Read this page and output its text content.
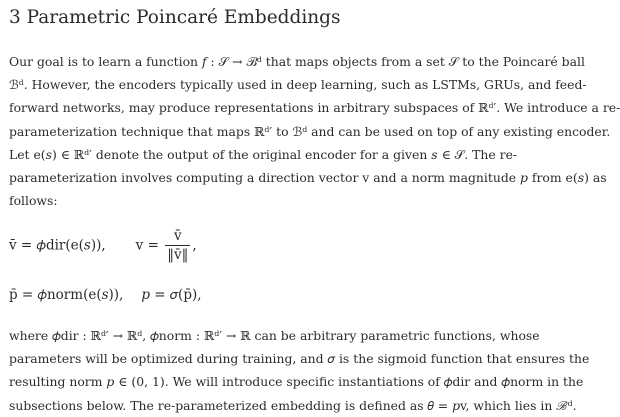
3 Parametric Poincaré Embeddings
Our goal is to learn a function 𝑓 : 𝒮 → ℬᵈ that maps objects from a set 𝒮 to the Poincaré ball
ℬᵈ. However, the encoders typically used in deep learning, such as LSTMs, GRUs, and feed-
forward networks, may produce representations in arbitrary subspaces of ℝᵈ′. We introduce a re-
parameterization technique that maps ℝᵈ′ to ℬᵈ and can be used on top of any existing encoder.
Let e(𝑠) ∈ ℝᵈ′ denote the output of the original encoder for a given 𝑠 ∈ 𝒮. The re-
parameterization involves computing a direction vector v and a norm magnitude 𝑝 from e(𝑠) as
follows:
v̄ = 𝜙dir(e(𝑠)), $v = \frac{v̄}{‖v̄‖}$ ,
p̄ = 𝜙norm(e(𝑠)), 𝑝 = 𝜎(p̄),
where 𝜙dir : ℝᵈ′ → ℝᵈ, 𝜙norm : ℝᵈ′ → ℝ can be arbitrary parametric functions, whose
parameters will be optimized during training, and 𝜎 is the sigmoid function that ensures the
resulting norm 𝑝 ∈ (0, 1). We will introduce specific instantiations of 𝜙dir and 𝜙norm in the
subsections below. The re-parameterized embedding is defined as 𝜃 = 𝑝v, which lies in ℬᵈ.
